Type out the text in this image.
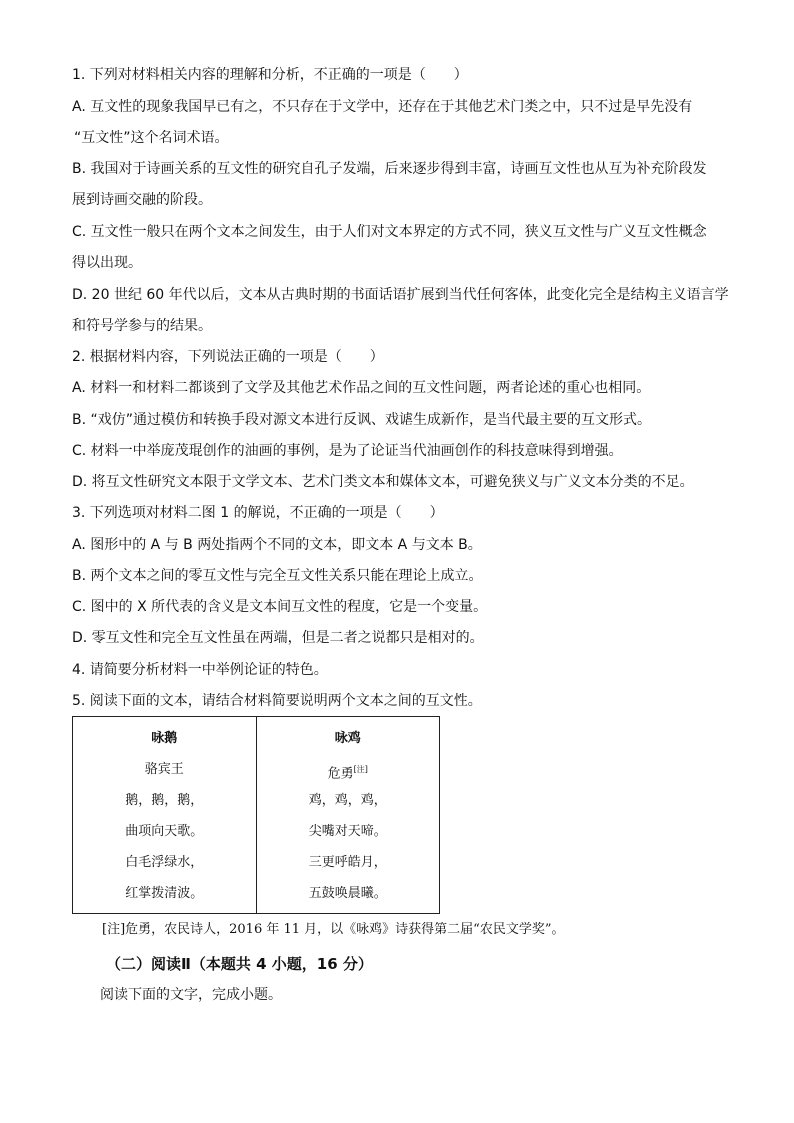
1. 下列对材料相关内容的理解和分析，不正确的一项是（　　）
A. 互文性的现象我国早已有之，不只存在于文学中，还存在于其他艺术门类之中，只不过是早先没有
“互文性”这个名词术语。
B. 我国对于诗画关系的互文性的研究自孔子发端，后来逐步得到丰富，诗画互文性也从互为补充阶段发
展到诗画交融的阶段。
C. 互文性一般只在两个文本之间发生，由于人们对文本界定的方式不同，狭义互文性与广义互文性概念
得以出现。
D. 20 世纪 60 年代以后，文本从古典时期的书面话语扩展到当代任何客体，此变化完全是结构主义语言学
和符号学参与的结果。
2. 根据材料内容，下列说法正确的一项是（　　）
A. 材料一和材料二都谈到了文学及其他艺术作品之间的互文性问题，两者论述的重心也相同。
B. “戏仿”通过模仿和转换手段对源文本进行反讽、戏谑生成新作，是当代最主要的互文形式。
C. 材料一中举庞茂琨创作的油画的事例，是为了论证当代油画创作的科技意味得到增强。
D. 将互文性研究文本限于文学文本、艺术门类文本和媒体文本，可避免狭义与广义文本分类的不足。
3. 下列选项对材料二图 1 的解说，不正确的一项是（　　）
A. 图形中的 A 与 B 两处指两个不同的文本，即文本 A 与文本 B。
B. 两个文本之间的零互文性与完全互文性关系只能在理论上成立。
C. 图中的 X 所代表的含义是文本间互文性的程度，它是一个变量。
D. 零互文性和完全互文性虽在两端，但是二者之说都只是相对的。
4. 请简要分析材料一中举例论证的特色。
5. 阅读下面的文本，请结合材料简要说明两个文本之间的互文性。
咏鹅
骆宾王
鹅，鹅，鹅，
曲项向天歌。
白毛浮绿水，
红掌拨清波。
咏鸡
危勇[注]
鸡，鸡，鸡，
尖嘴对天啼。
三更呼皓月，
五鼓唤晨曦。
[注]危勇，农民诗人，2016 年 11 月，以《咏鸡》诗获得第二届“农民文学奖”。
（二）阅读Ⅱ（本题共 4 小题，16 分）
阅读下面的文字，完成小题。
